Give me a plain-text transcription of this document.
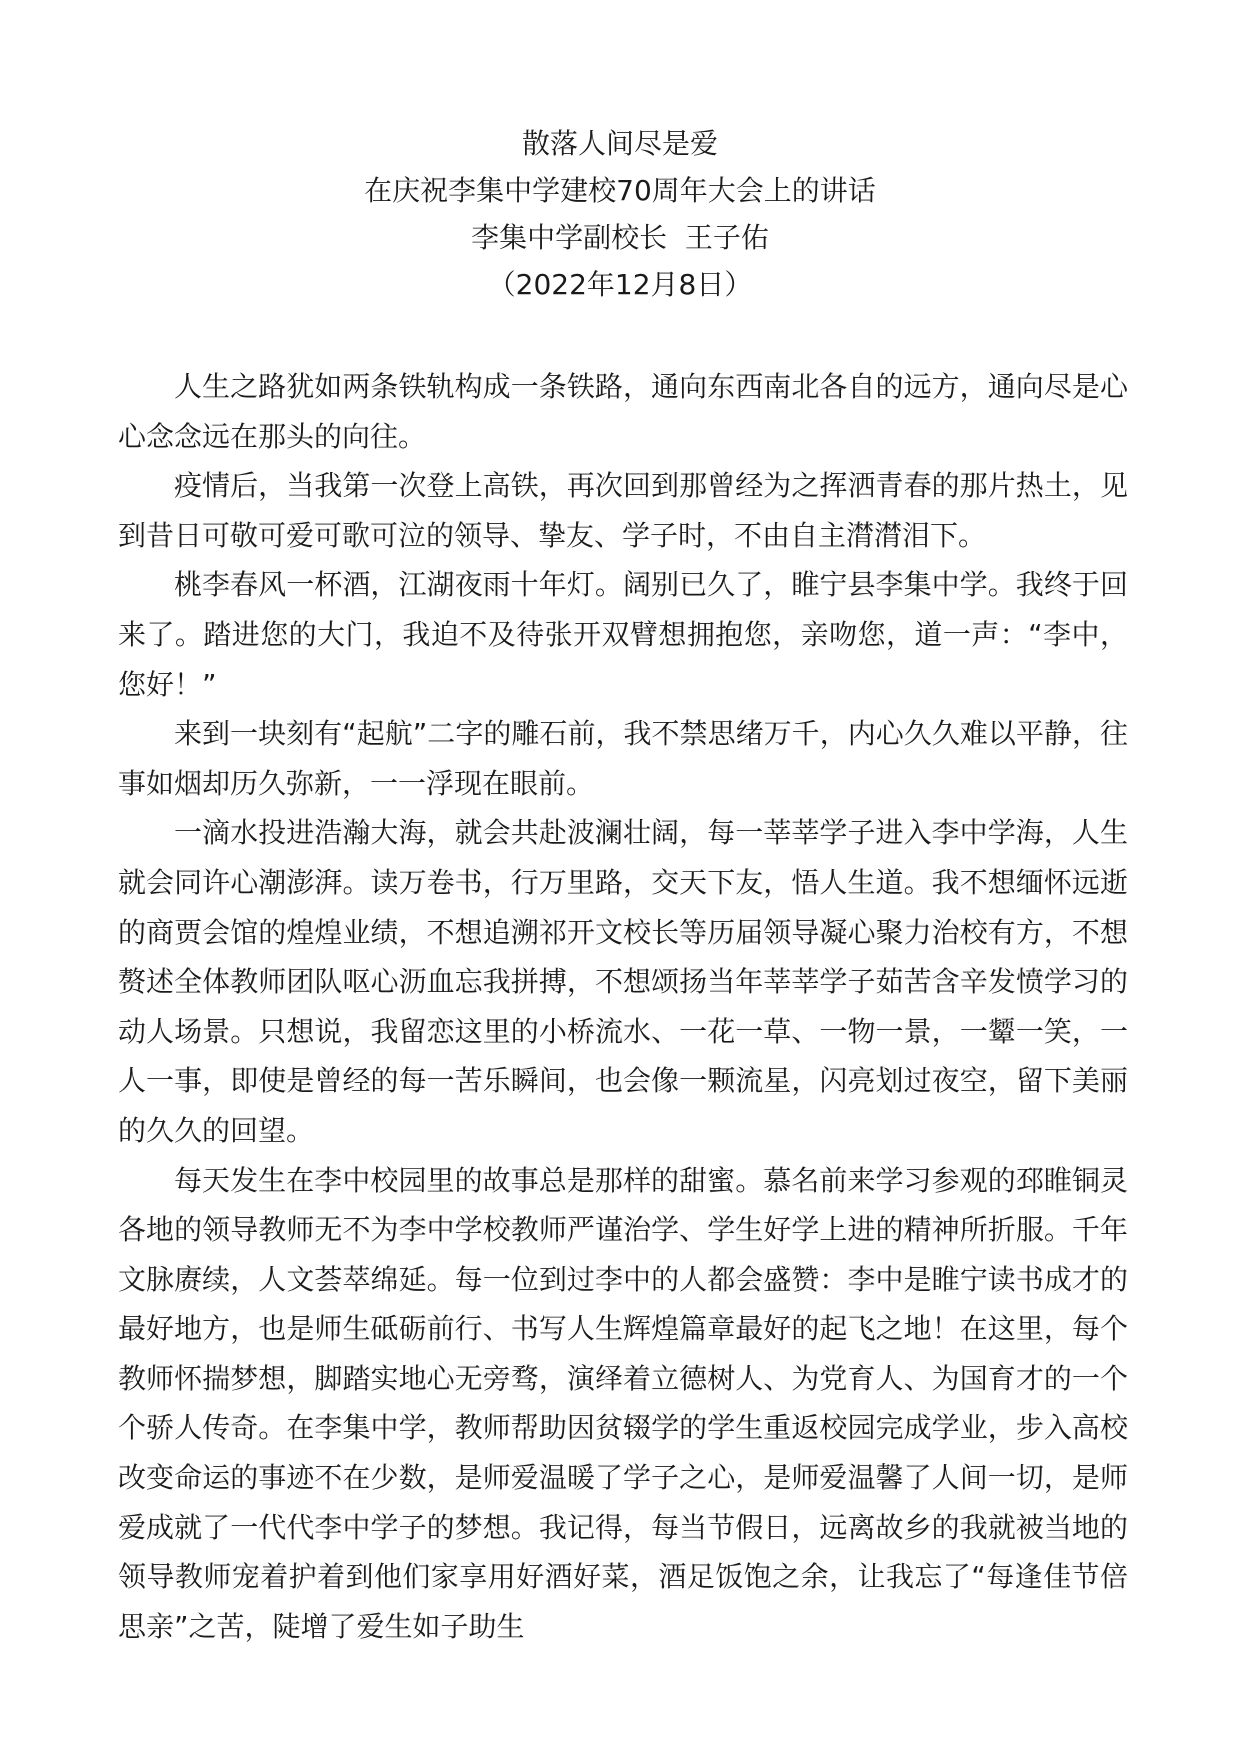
散落人间尽是爱
在庆祝李集中学建校70周年大会上的讲话
李集中学副校长  王子佑
（2022年12月8日）

人生之路犹如两条铁轨构成一条铁路，通向东西南北各自的远方，通向尽是心心念念远在那头的向往。

疫情后，当我第一次登上高铁，再次回到那曾经为之挥洒青春的那片热土，见到昔日可敬可爱可歌可泣的领导、挚友、学子时，不由自主潸潸泪下。

桃李春风一杯酒，江湖夜雨十年灯。阔别已久了，睢宁县李集中学。我终于回来了。踏进您的大门，我迫不及待张开双臂想拥抱您，亲吻您，道一声：“李中，您好！”

来到一块刻有“起航”二字的雕石前，我不禁思绪万千，内心久久难以平静，往事如烟却历久弥新，一一浮现在眼前。

一滴水投进浩瀚大海，就会共赴波澜壮阔，每一莘莘学子进入李中学海，人生就会同许心潮澎湃。读万卷书，行万里路，交天下友，悟人生道。我不想缅怀远逝的商贾会馆的煌煌业绩，不想追溯祁开文校长等历届领导凝心聚力治校有方，不想赘述全体教师团队呕心沥血忘我拼搏，不想颂扬当年莘莘学子茹苦含辛发愤学习的动人场景。只想说，我留恋这里的小桥流水、一花一草、一物一景，一颦一笑，一人一事，即使是曾经的每一苦乐瞬间，也会像一颗流星，闪亮划过夜空，留下美丽的久久的回望。

每天发生在李中校园里的故事总是那样的甜蜜。慕名前来学习参观的邳睢铜灵各地的领导教师无不为李中学校教师严谨治学、学生好学上进的精神所折服。千年文脉赓续，人文荟萃绵延。每一位到过李中的人都会盛赞：李中是睢宁读书成才的最好地方，也是师生砥砺前行、书写人生辉煌篇章最好的起飞之地！在这里，每个教师怀揣梦想，脚踏实地心无旁骛，演绎着立德树人、为党育人、为国育才的一个个骄人传奇。在李集中学，教师帮助因贫辍学的学生重返校园完成学业，步入高校改变命运的事迹不在少数，是师爱温暖了学子之心，是师爱温馨了人间一切，是师爱成就了一代代李中学子的梦想。我记得，每当节假日，远离故乡的我就被当地的领导教师宠着护着到他们家享用好酒好菜，酒足饭饱之余，让我忘了“每逢佳节倍思亲”之苦，陡增了爱生如子助生
